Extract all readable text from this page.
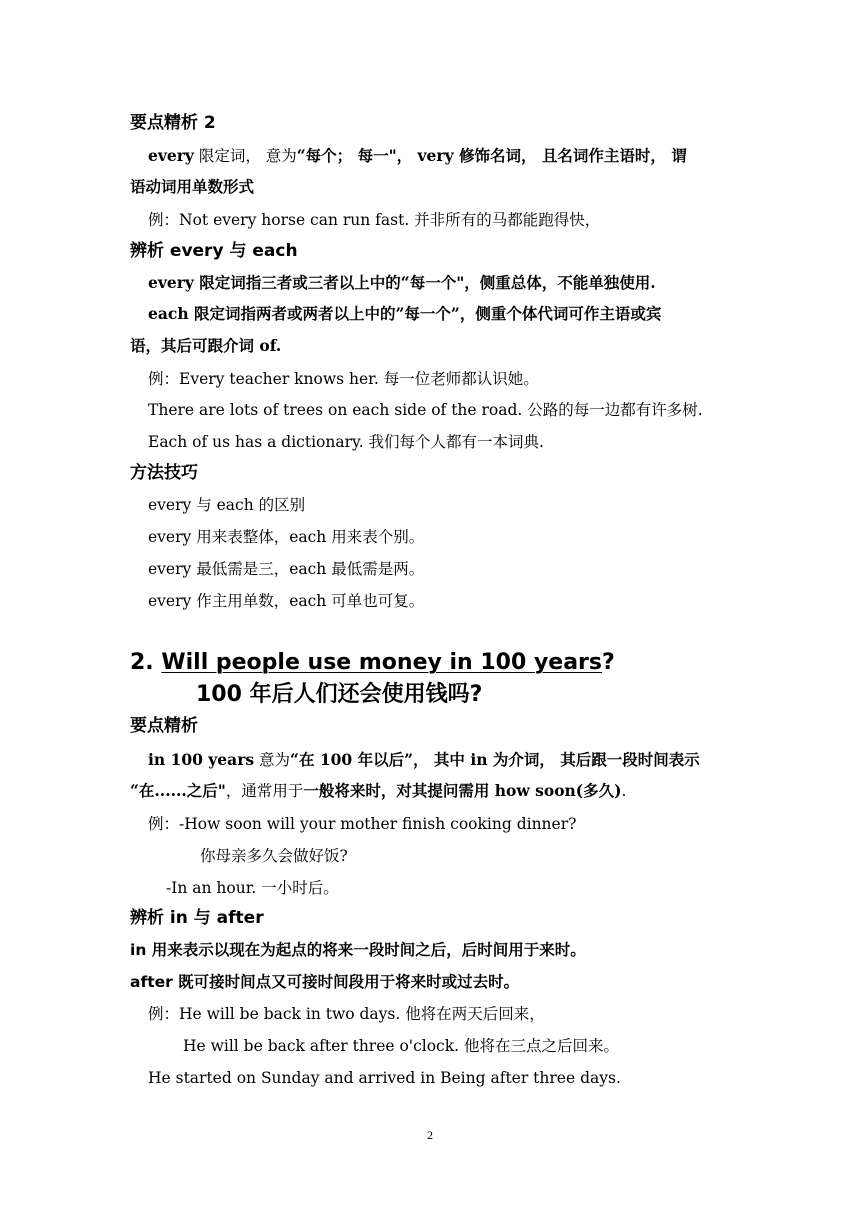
要点精析 2
every 限定词， 意为“每个； 每一"， very 修饰名词， 且名词作主语时， 谓
语动词用单数形式
例：Not every horse can run fast. 并非所有的马都能跑得快，
辨析 every 与 each
every 限定词指三者或三者以上中的“每一个"，侧重总体，不能单独使用.
each 限定词指两者或两者以上中的”每一个”，侧重个体代词可作主语或宾
语，其后可跟介词 of.
例：Every teacher knows her. 每一位老师都认识她。
There are lots of trees on each side of the road. 公路的每一边都有许多树.
Each of us has a dictionary. 我们每个人都有一本词典.
方法技巧
every 与 each 的区别
every 用来表整体，each 用来表个别。
every 最低需是三，each 最低需是两。
every 作主用单数，each 可单也可复。
2. Will people use money in 100 years?
100 年后人们还会使用钱吗?
要点精析
in 100 years 意为“在 100 年以后”， 其中 in 为介词， 其后跟一段时间表示
“在......之后"，通常用于一般将来时，对其提问需用 how soon(多久).
例：-How soon will your mother finish cooking dinner?
你母亲多久会做好饭?
-In an hour. 一小时后。
辨析 in 与 after
in 用来表示以现在为起点的将来一段时间之后，后时间用于来时。
after 既可接时间点又可接时间段用于将来时或过去时。
例：He will be back in two days. 他将在两天后回来，
He will be back after three o'clock. 他将在三点之后回来。
He started on Sunday and arrived in Being after three days.
2
